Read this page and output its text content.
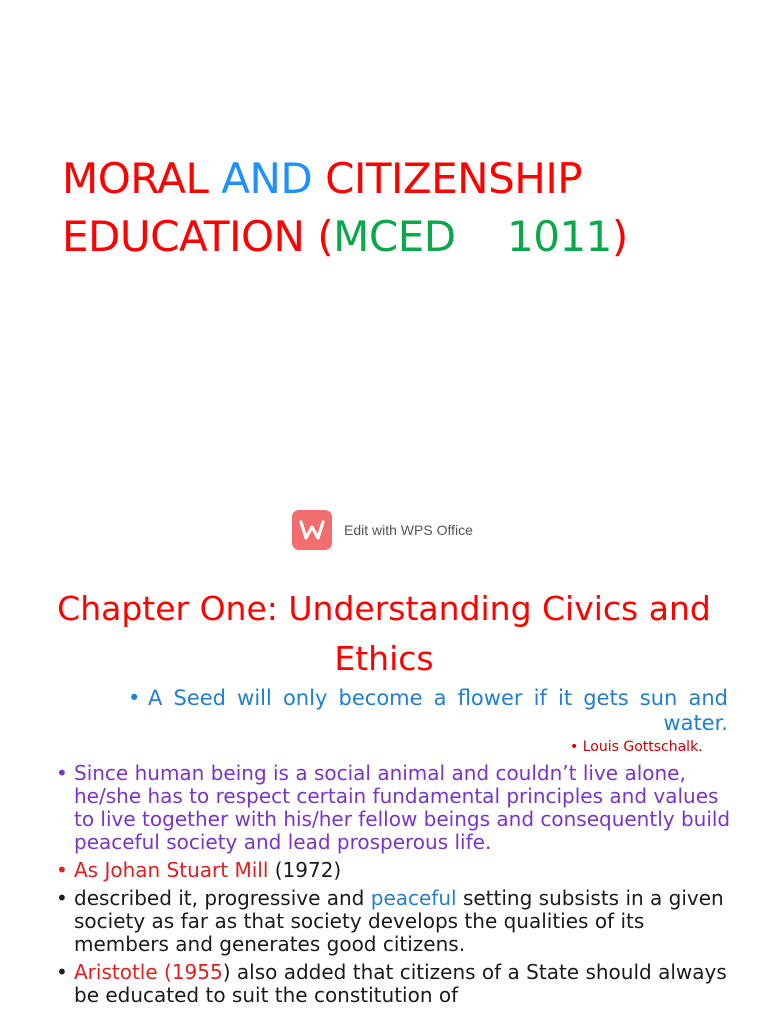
MORAL AND CITIZENSHIP
EDUCATION (MCED    1011)
Edit with WPS Office
Chapter One: Understanding Civics and Ethics
• A Seed will only become a flower if it gets sun and water.
• Louis Gottschalk.
• Since human being is a social animal and couldn’t live alone, he/she has to respect certain fundamental principles and values to live together with his/her fellow beings and consequently build peaceful society and lead prosperous life.
• As Johan Stuart Mill (1972)
• described it, progressive and peaceful setting subsists in a given society as far as that society develops the qualities of its members and generates good citizens.
• Aristotle (1955) also added that citizens of a State should always be educated to suit the constitution of
